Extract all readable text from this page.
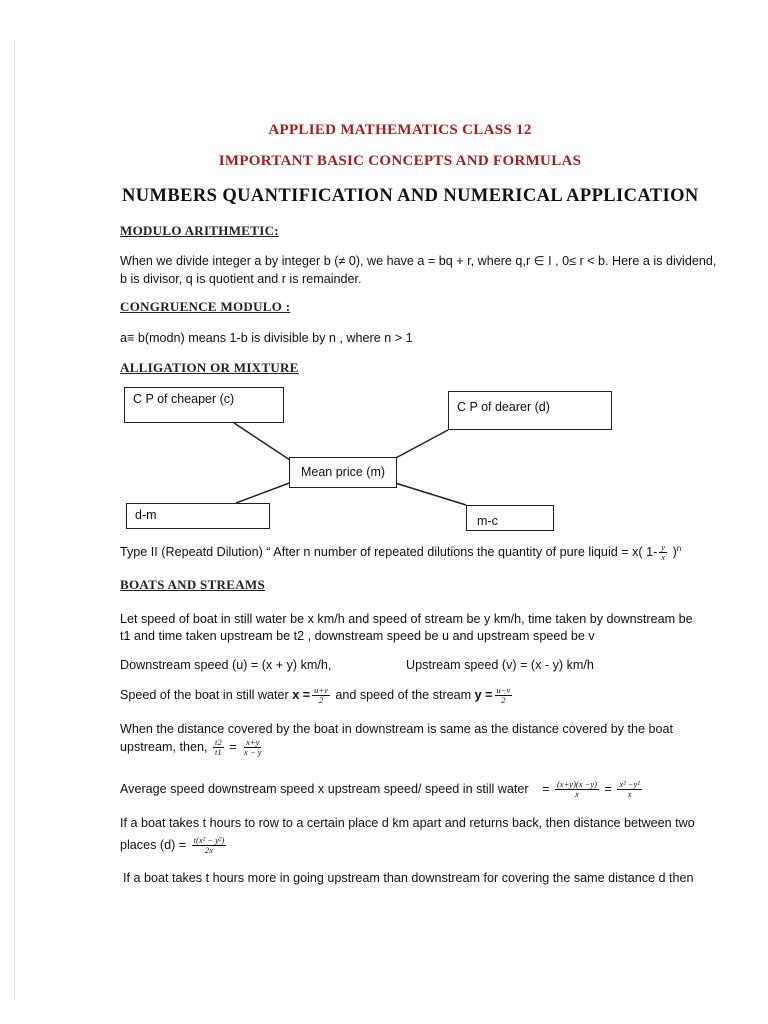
APPLIED MATHEMATICS CLASS 12
IMPORTANT BASIC CONCEPTS AND FORMULAS
NUMBERS QUANTIFICATION AND NUMERICAL APPLICATION
MODULO ARITHMETIC:
When we divide integer a by integer b (≠ 0), we have a = bq + r, where q,r ∈ I , 0≤ r < b. Here a is dividend,
b is divisor, q is quotient and r is remainder.
CONGRUENCE MODULO :
a≡ b(modn) means 1-b is divisible by n , where n > 1
ALLIGATION OR MIXTURE
C P of cheaper (c)
C P of dearer (d)
Mean price (m)
d-m	m-c
Type II (Repeatd Dilution) “ After n number of repeated dilutions the quantity of pure liquid = x( $1- \frac{y}{x} )^n$
BOATS AND STREAMS
Let speed of boat in still water be x km/h and speed of stream be y km/h, time taken by downstream be
t1 and time taken upstream be t2 , downstream speed be u and upstream speed be v
Downstream speed (u) = (x + y) km/h,	Upstream speed (v) = (x - y) km/h
Speed of the boat in still water $x = \frac{u+v}{2}$ and speed of the stream $y = \frac{u-v}{2}$
When the distance covered by the boat in downstream is same as the distance covered by the boat
upstream, then, $\frac{t2}{t1} = \frac{x+y}{x - y}$
Average speed downstream speed x upstream speed/ speed in still water = $\frac{(x+y)(x -y)}{x} = \frac{\text{x² −y²}}{x}$
If a boat takes t hours to row to a certain place d km apart and returns back, then distance between two
places $(d) = \frac{\text{t(x² − y²)}}{2x}$
If a boat takes t hours more in going upstream than downstream for covering the same distance d then
